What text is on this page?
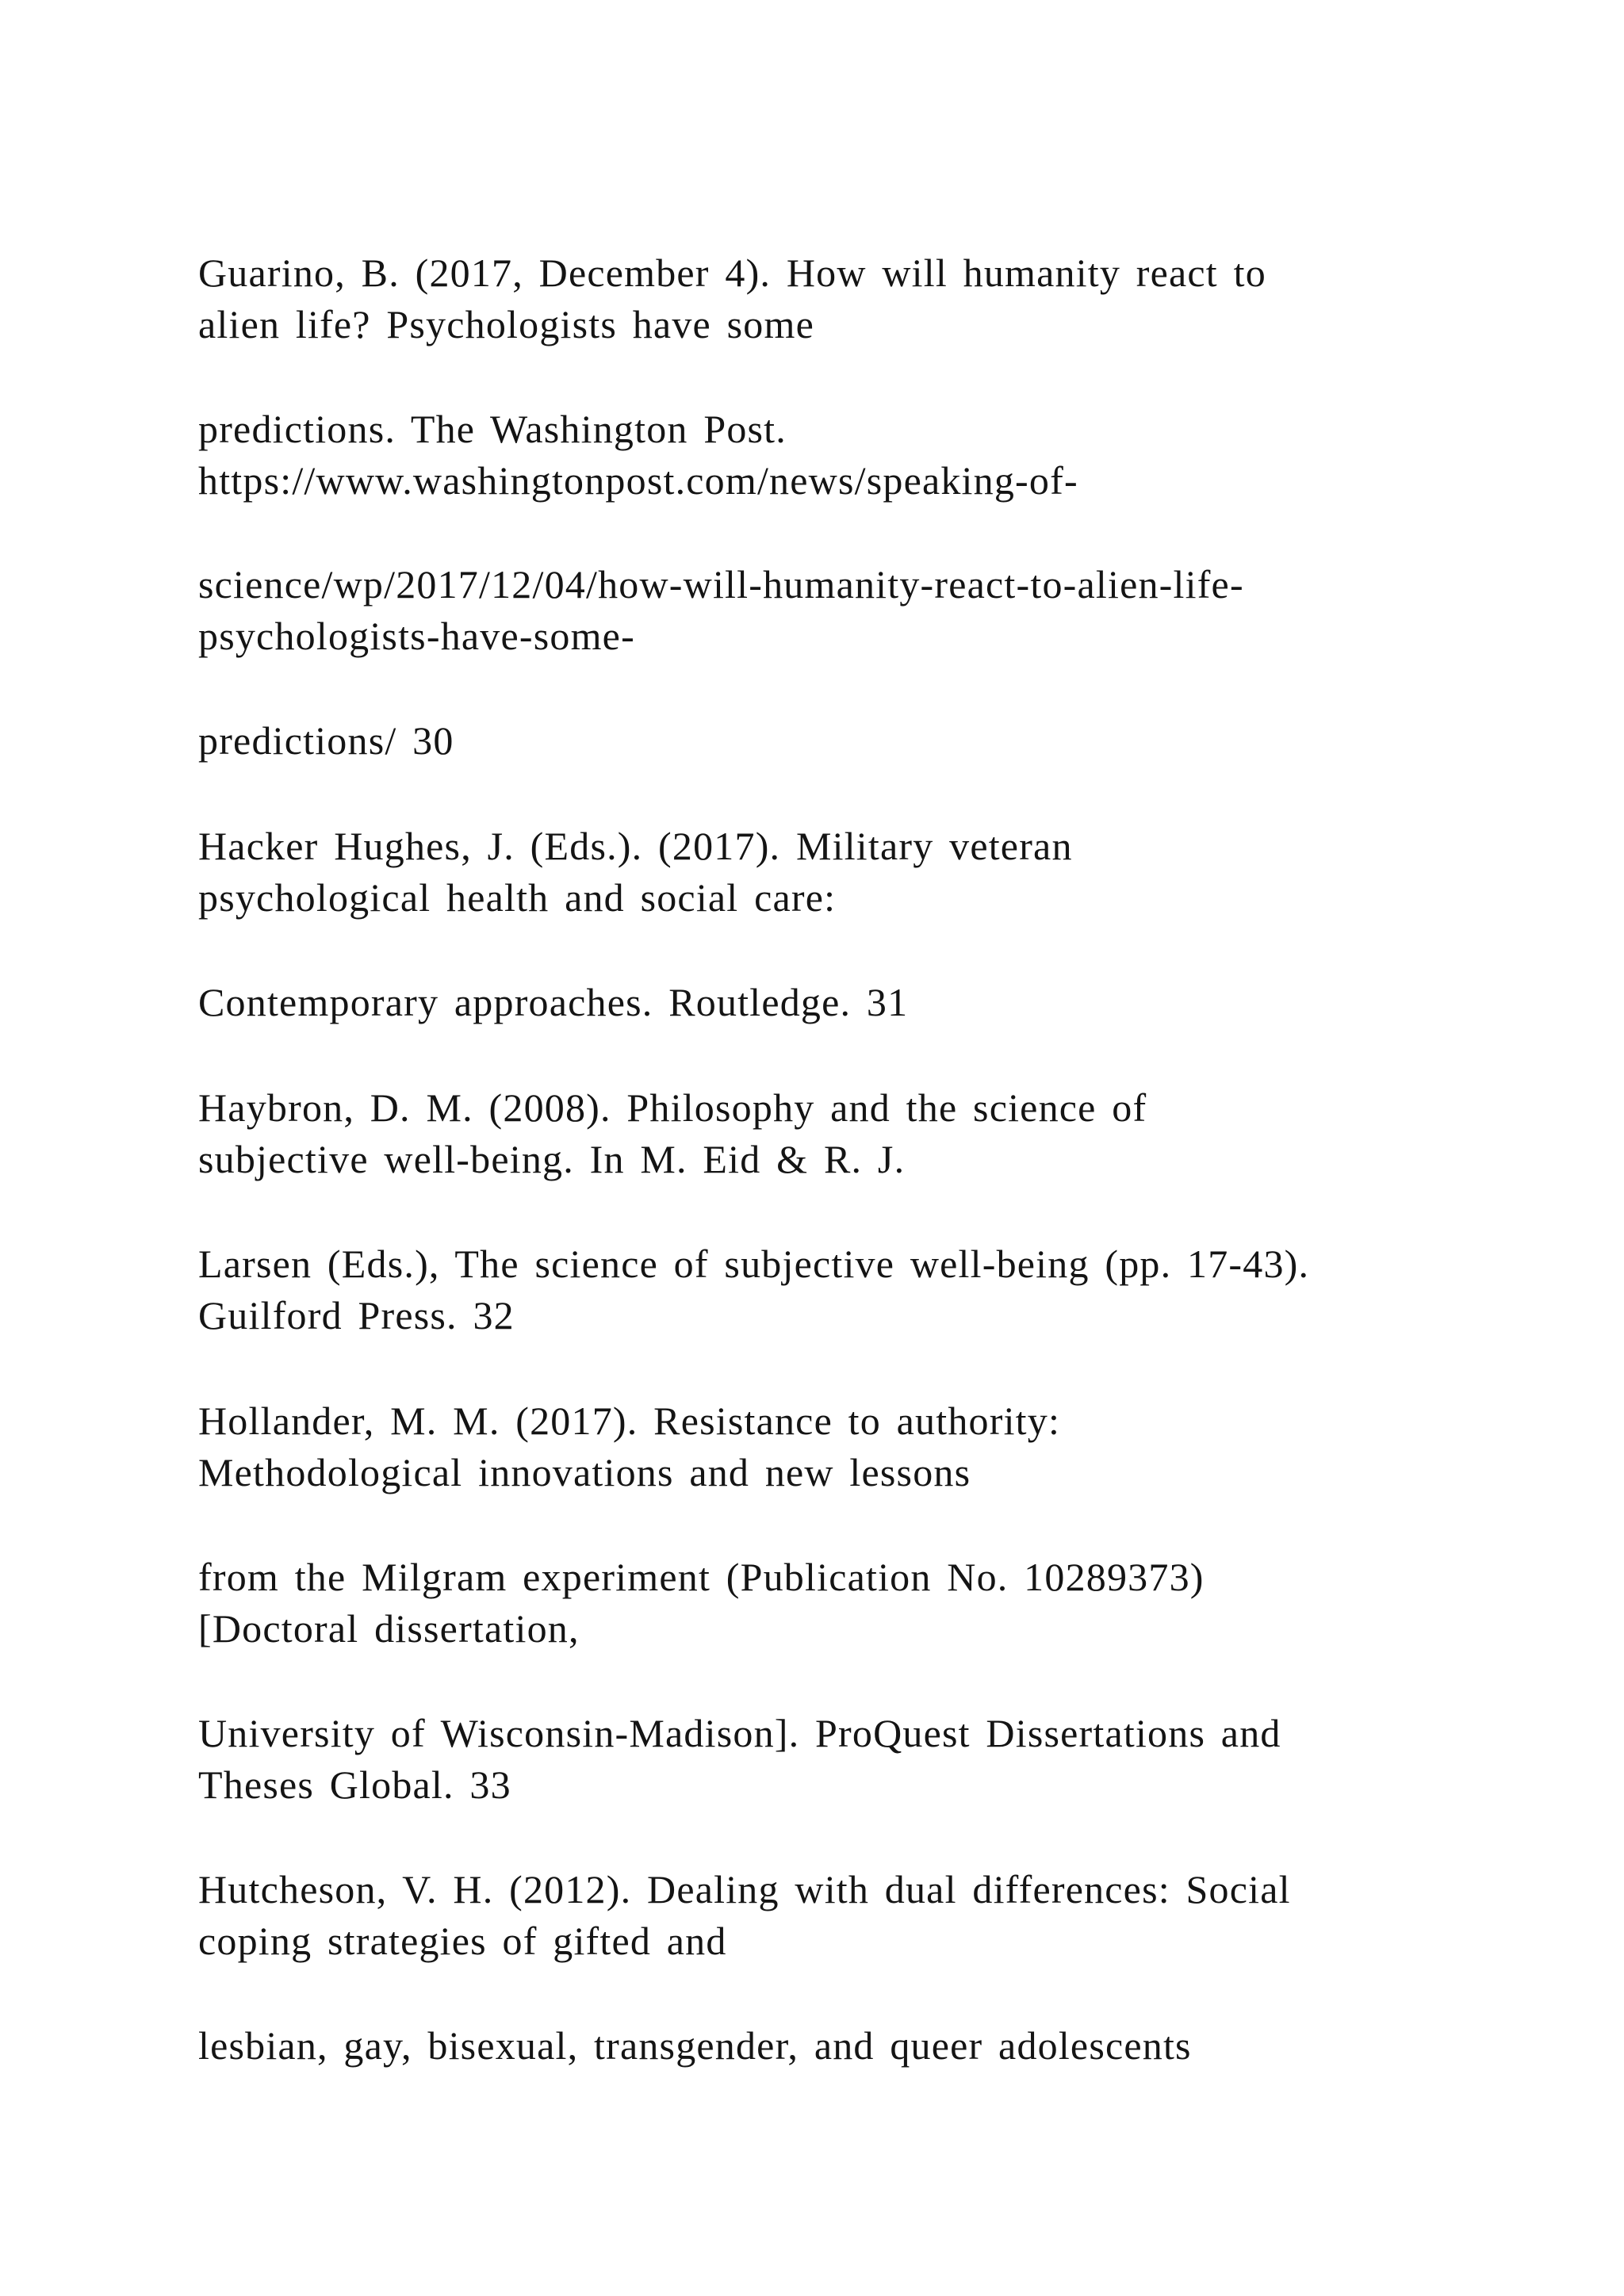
Guarino, B. (2017, December 4). How will humanity react to
alien life? Psychologists have some
predictions. The Washington Post.
https://www.washingtonpost.com/news/speaking-of-
science/wp/2017/12/04/how-will-humanity-react-to-alien-life-
psychologists-have-some-
predictions/ 30
Hacker Hughes, J. (Eds.). (2017). Military veteran
psychological health and social care:
Contemporary approaches. Routledge. 31
Haybron, D. M. (2008). Philosophy and the science of
subjective well-being. In M. Eid & R. J.
Larsen (Eds.), The science of subjective well-being (pp. 17-43).
Guilford Press. 32
Hollander, M. M. (2017). Resistance to authority:
Methodological innovations and new lessons
from the Milgram experiment (Publication No. 10289373)
[Doctoral dissertation,
University of Wisconsin-Madison]. ProQuest Dissertations and
Theses Global. 33
Hutcheson, V. H. (2012). Dealing with dual differences: Social
coping strategies of gifted and
lesbian, gay, bisexual, transgender, and queer adolescents
